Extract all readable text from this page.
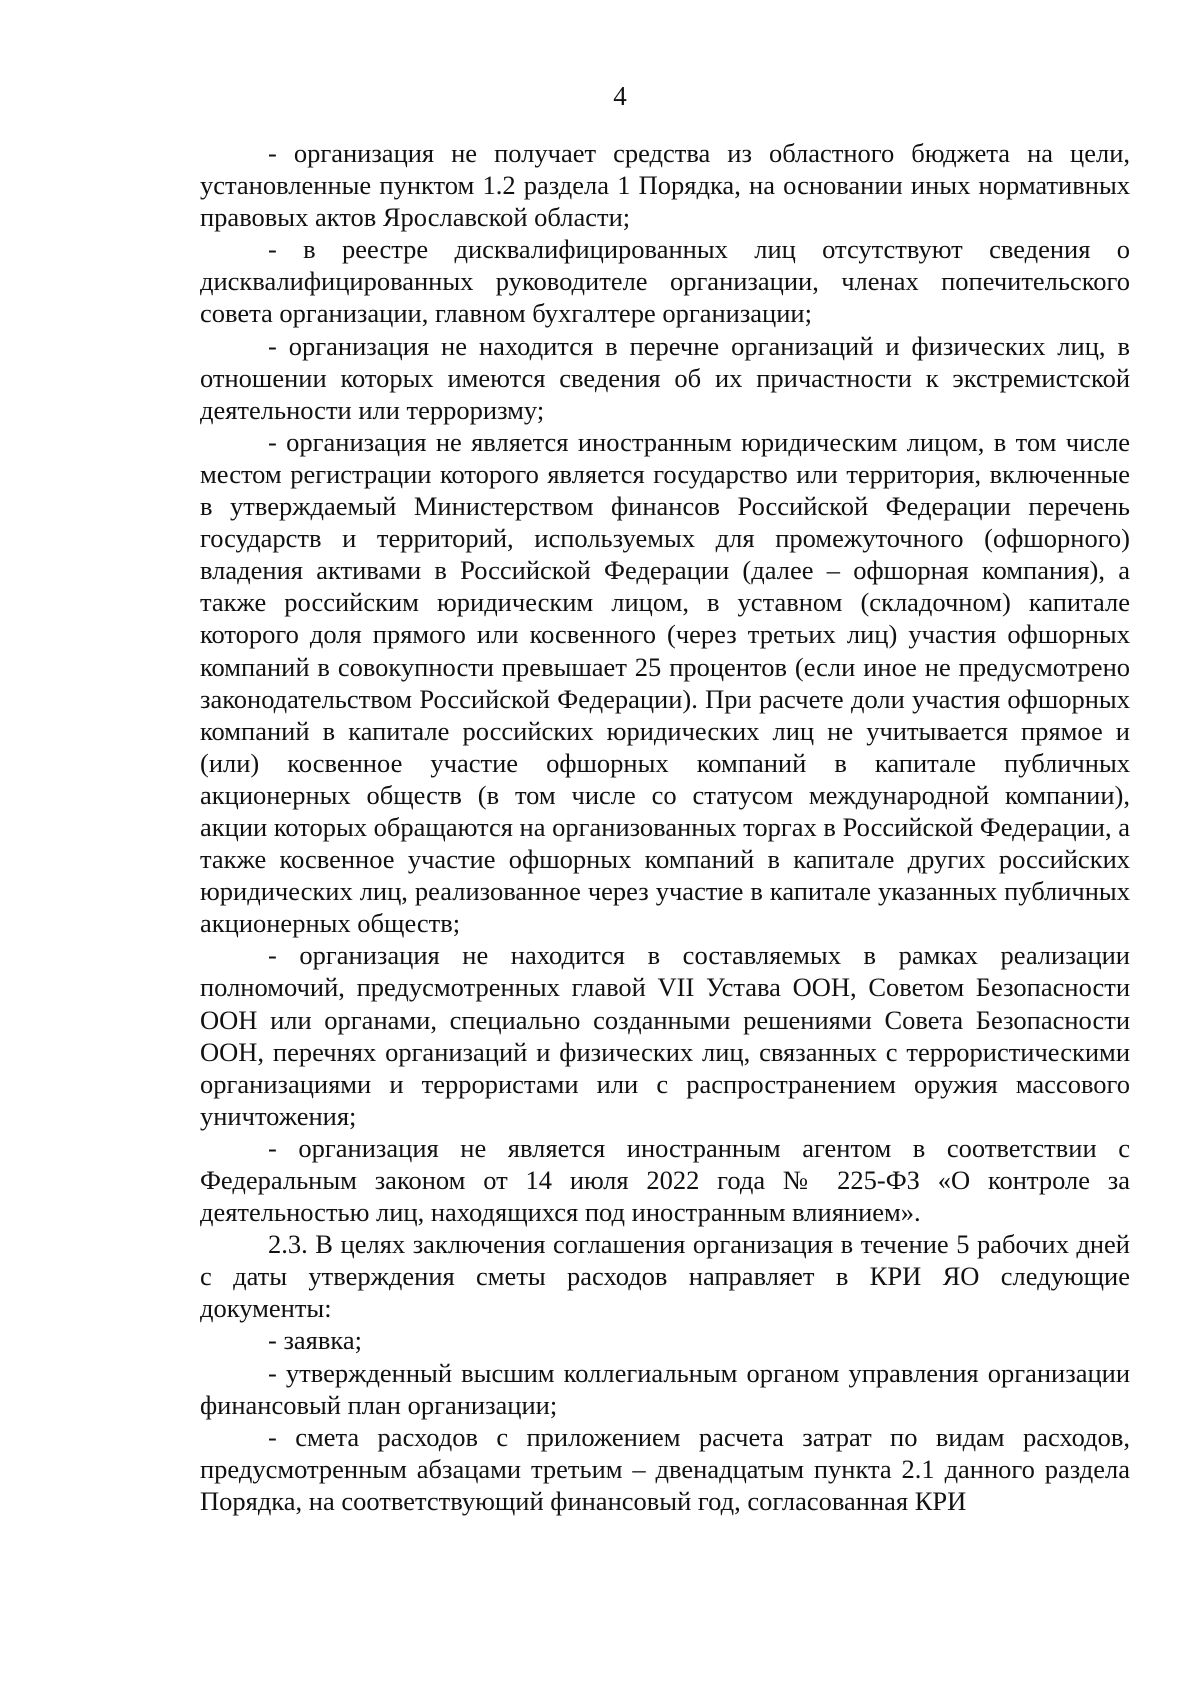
4

- организация не получает средства из областного бюджета на цели, установленные пунктом 1.2 раздела 1 Порядка, на основании иных нормативных правовых актов Ярославской области;

- в реестре дисквалифицированных лиц отсутствуют сведения о дисквалифицированных руководителе организации, членах попечительского совета организации, главном бухгалтере организации;

- организация не находится в перечне организаций и физических лиц, в отношении которых имеются сведения об их причастности к экстремистской деятельности или терроризму;

- организация не является иностранным юридическим лицом, в том числе местом регистрации которого является государство или территория, включенные в утверждаемый Министерством финансов Российской Федерации перечень государств и территорий, используемых для промежуточного (офшорного) владения активами в Российской Федерации (далее – офшорная компания), а также российским юридическим лицом, в уставном (складочном) капитале которого доля прямого или косвенного (через третьих лиц) участия офшорных компаний в совокупности превышает 25 процентов (если иное не предусмотрено законодательством Российской Федерации). При расчете доли участия офшорных компаний в капитале российских юридических лиц не учитывается прямое и (или) косвенное участие офшорных компаний в капитале публичных акционерных обществ (в том числе со статусом международной компании), акции которых обращаются на организованных торгах в Российской Федерации, а также косвенное участие офшорных компаний в капитале других российских юридических лиц, реализованное через участие в капитале указанных публичных акционерных обществ;

- организация не находится в составляемых в рамках реализации полномочий, предусмотренных главой VII Устава ООН, Советом Безопасности ООН или органами, специально созданными решениями Совета Безопасности ООН, перечнях организаций и физических лиц, связанных с террористическими организациями и террористами или с распространением оружия массового уничтожения;

- организация не является иностранным агентом в соответствии с Федеральным законом от 14 июля 2022 года № 225-ФЗ «О контроле за деятельностью лиц, находящихся под иностранным влиянием».

2.3. В целях заключения соглашения организация в течение 5 рабочих дней с даты утверждения сметы расходов направляет в КРИ ЯО следующие документы:

- заявка;

- утвержденный высшим коллегиальным органом управления организации финансовый план организации;

- смета расходов с приложением расчета затрат по видам расходов, предусмотренным абзацами третьим – двенадцатым пункта 2.1 данного раздела Порядка, на соответствующий финансовый год, согласованная КРИ
